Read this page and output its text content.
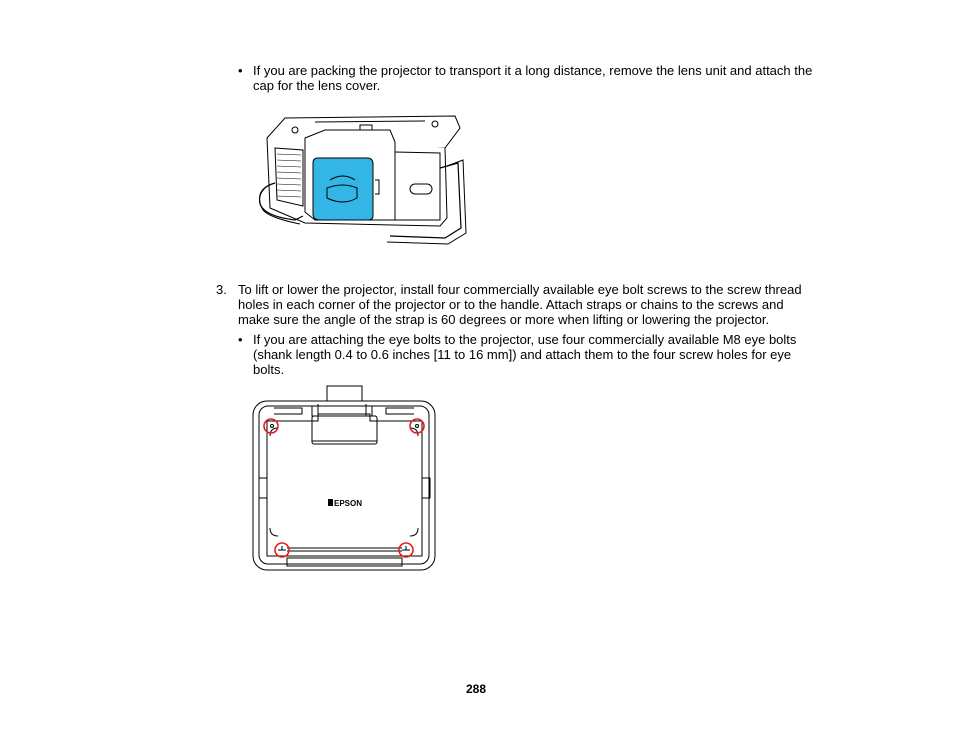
• If you are packing the projector to transport it a long distance, remove the lens unit and attach the
cap for the lens cover.
3. To lift or lower the projector, install four commercially available eye bolt screws to the screw thread
holes in each corner of the projector or to the handle. Attach straps or chains to the screws and
make sure the angle of the strap is 60 degrees or more when lifting or lowering the projector.
• If you are attaching the eye bolts to the projector, use four commercially available M8 eye bolts
(shank length 0.4 to 0.6 inches [11 to 16 mm]) and attach them to the four screw holes for eye
bolts.
EPSON
288
